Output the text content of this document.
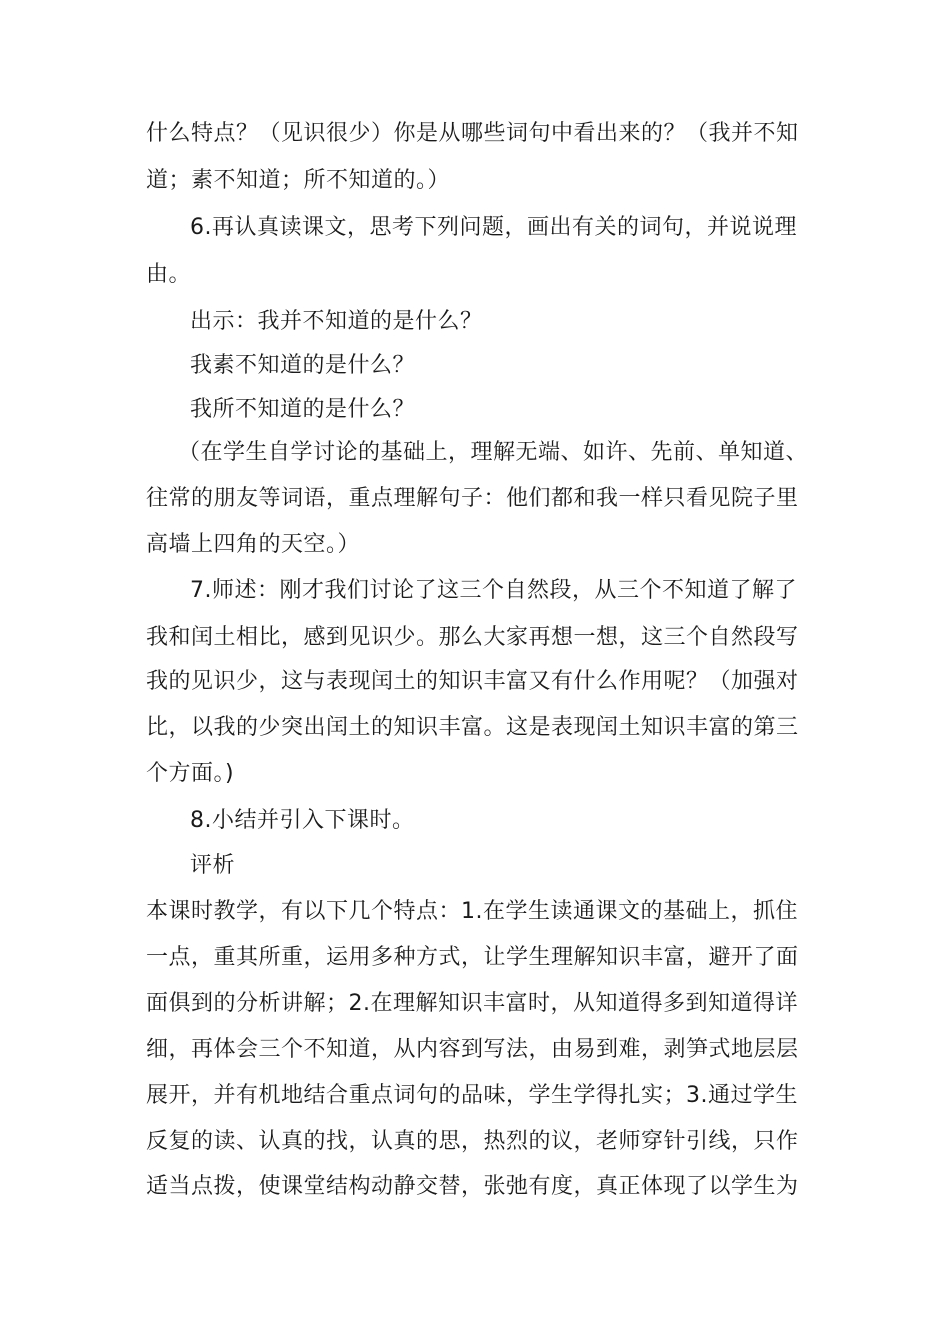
什么特点？（见识很少）你是从哪些词句中看出来的？（我并不知
道；素不知道；所不知道的。）
6.再认真读课文，思考下列问题，画出有关的词句，并说说理
由。
出示：我并不知道的是什么？
我素不知道的是什么？
我所不知道的是什么？
（在学生自学讨论的基础上，理解无端、如许、先前、单知道、
往常的朋友等词语，重点理解句子：他们都和我一样只看见院子里
高墙上四角的天空。）
7.师述：刚才我们讨论了这三个自然段，从三个不知道了解了
我和闰土相比，感到见识少。那么大家再想一想，这三个自然段写
我的见识少，这与表现闰土的知识丰富又有什么作用呢？（加强对
比，以我的少突出闰土的知识丰富。这是表现闰土知识丰富的第三
个方面。)
8.小结并引入下课时。
评析
本课时教学，有以下几个特点：1.在学生读通课文的基础上，抓住
一点，重其所重，运用多种方式，让学生理解知识丰富，避开了面
面俱到的分析讲解；2.在理解知识丰富时，从知道得多到知道得详
细，再体会三个不知道，从内容到写法，由易到难，剥笋式地层层
展开，并有机地结合重点词句的品味，学生学得扎实；3.通过学生
反复的读、认真的找，认真的思，热烈的议，老师穿针引线，只作
适当点拨，使课堂结构动静交替，张弛有度，真正体现了以学生为
